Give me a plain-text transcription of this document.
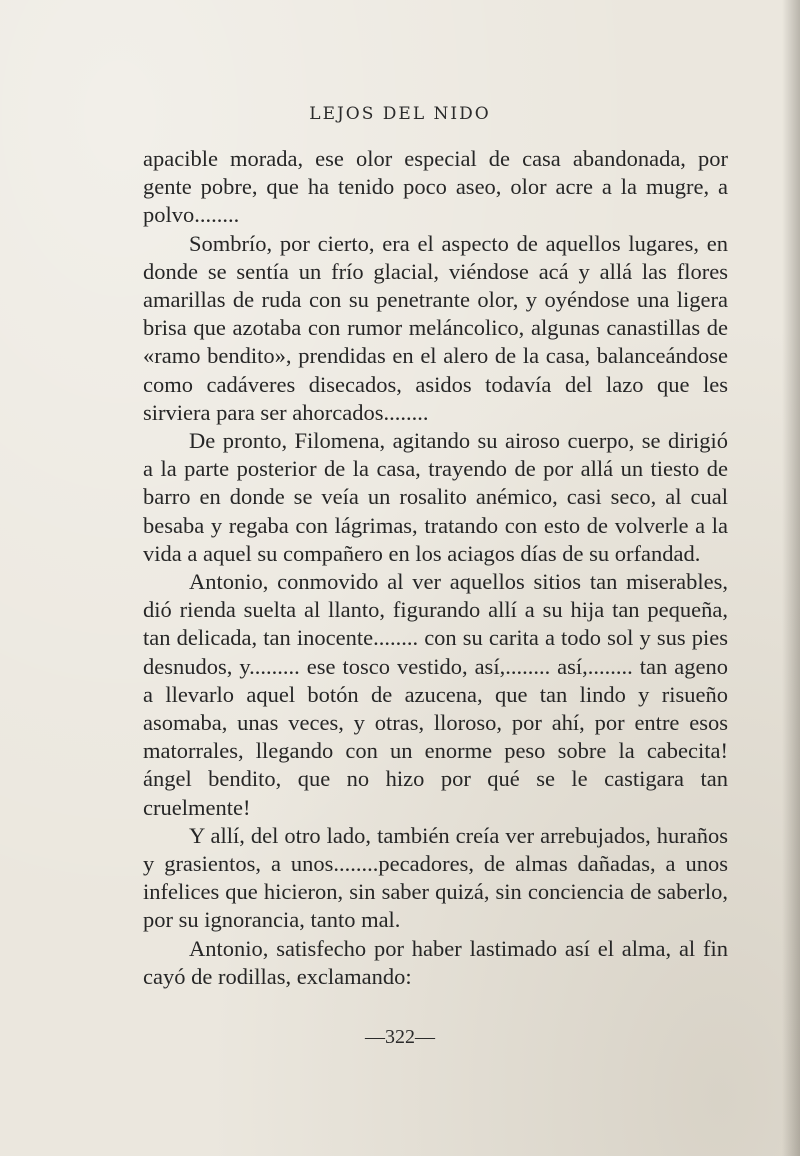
LEJOS DEL NIDO

apacible morada, ese olor especial de casa abandonada, por gente pobre, que ha tenido poco aseo, olor acre a la mugre, a polvo........

Sombrío, por cierto, era el aspecto de aquellos lugares, en donde se sentía un frío glacial, viéndose acá y allá las flores amarillas de ruda con su penetrante olor, y oyéndose una ligera brisa que azotaba con rumor meláncolico, algunas canastillas de «ramo bendito», prendidas en el alero de la casa, balanceándose como cadáveres disecados, asidos todavía del lazo que les sirviera para ser ahorcados........

De pronto, Filomena, agitando su airoso cuerpo, se dirigió a la parte posterior de la casa, trayendo de por allá un tiesto de barro en donde se veía un rosalito anémico, casi seco, al cual besaba y regaba con lágrimas, tratando con esto de volverle a la vida a aquel su compañero en los aciagos días de su orfandad.

Antonio, conmovido al ver aquellos sitios tan miserables, dió rienda suelta al llanto, figurando allí a su hija tan pequeña, tan delicada, tan inocente........ con su carita a todo sol y sus pies desnudos, y......... ese tosco vestido, así,........ así,........ tan ageno a llevarlo aquel botón de azucena, que tan lindo y risueño asomaba, unas veces, y otras, lloroso, por ahí, por entre esos matorrales, llegando con un enorme peso sobre la cabecita! ángel bendito, que no hizo por qué se le castigara tan cruelmente!

Y allí, del otro lado, también creía ver arrebujados, huraños y grasientos, a unos........pecadores, de almas dañadas, a unos infelices que hicieron, sin saber quizá, sin conciencia de saberlo, por su ignorancia, tanto mal.

Antonio, satisfecho por haber lastimado así el alma, al fin cayó de rodillas, exclamando:

—322—
